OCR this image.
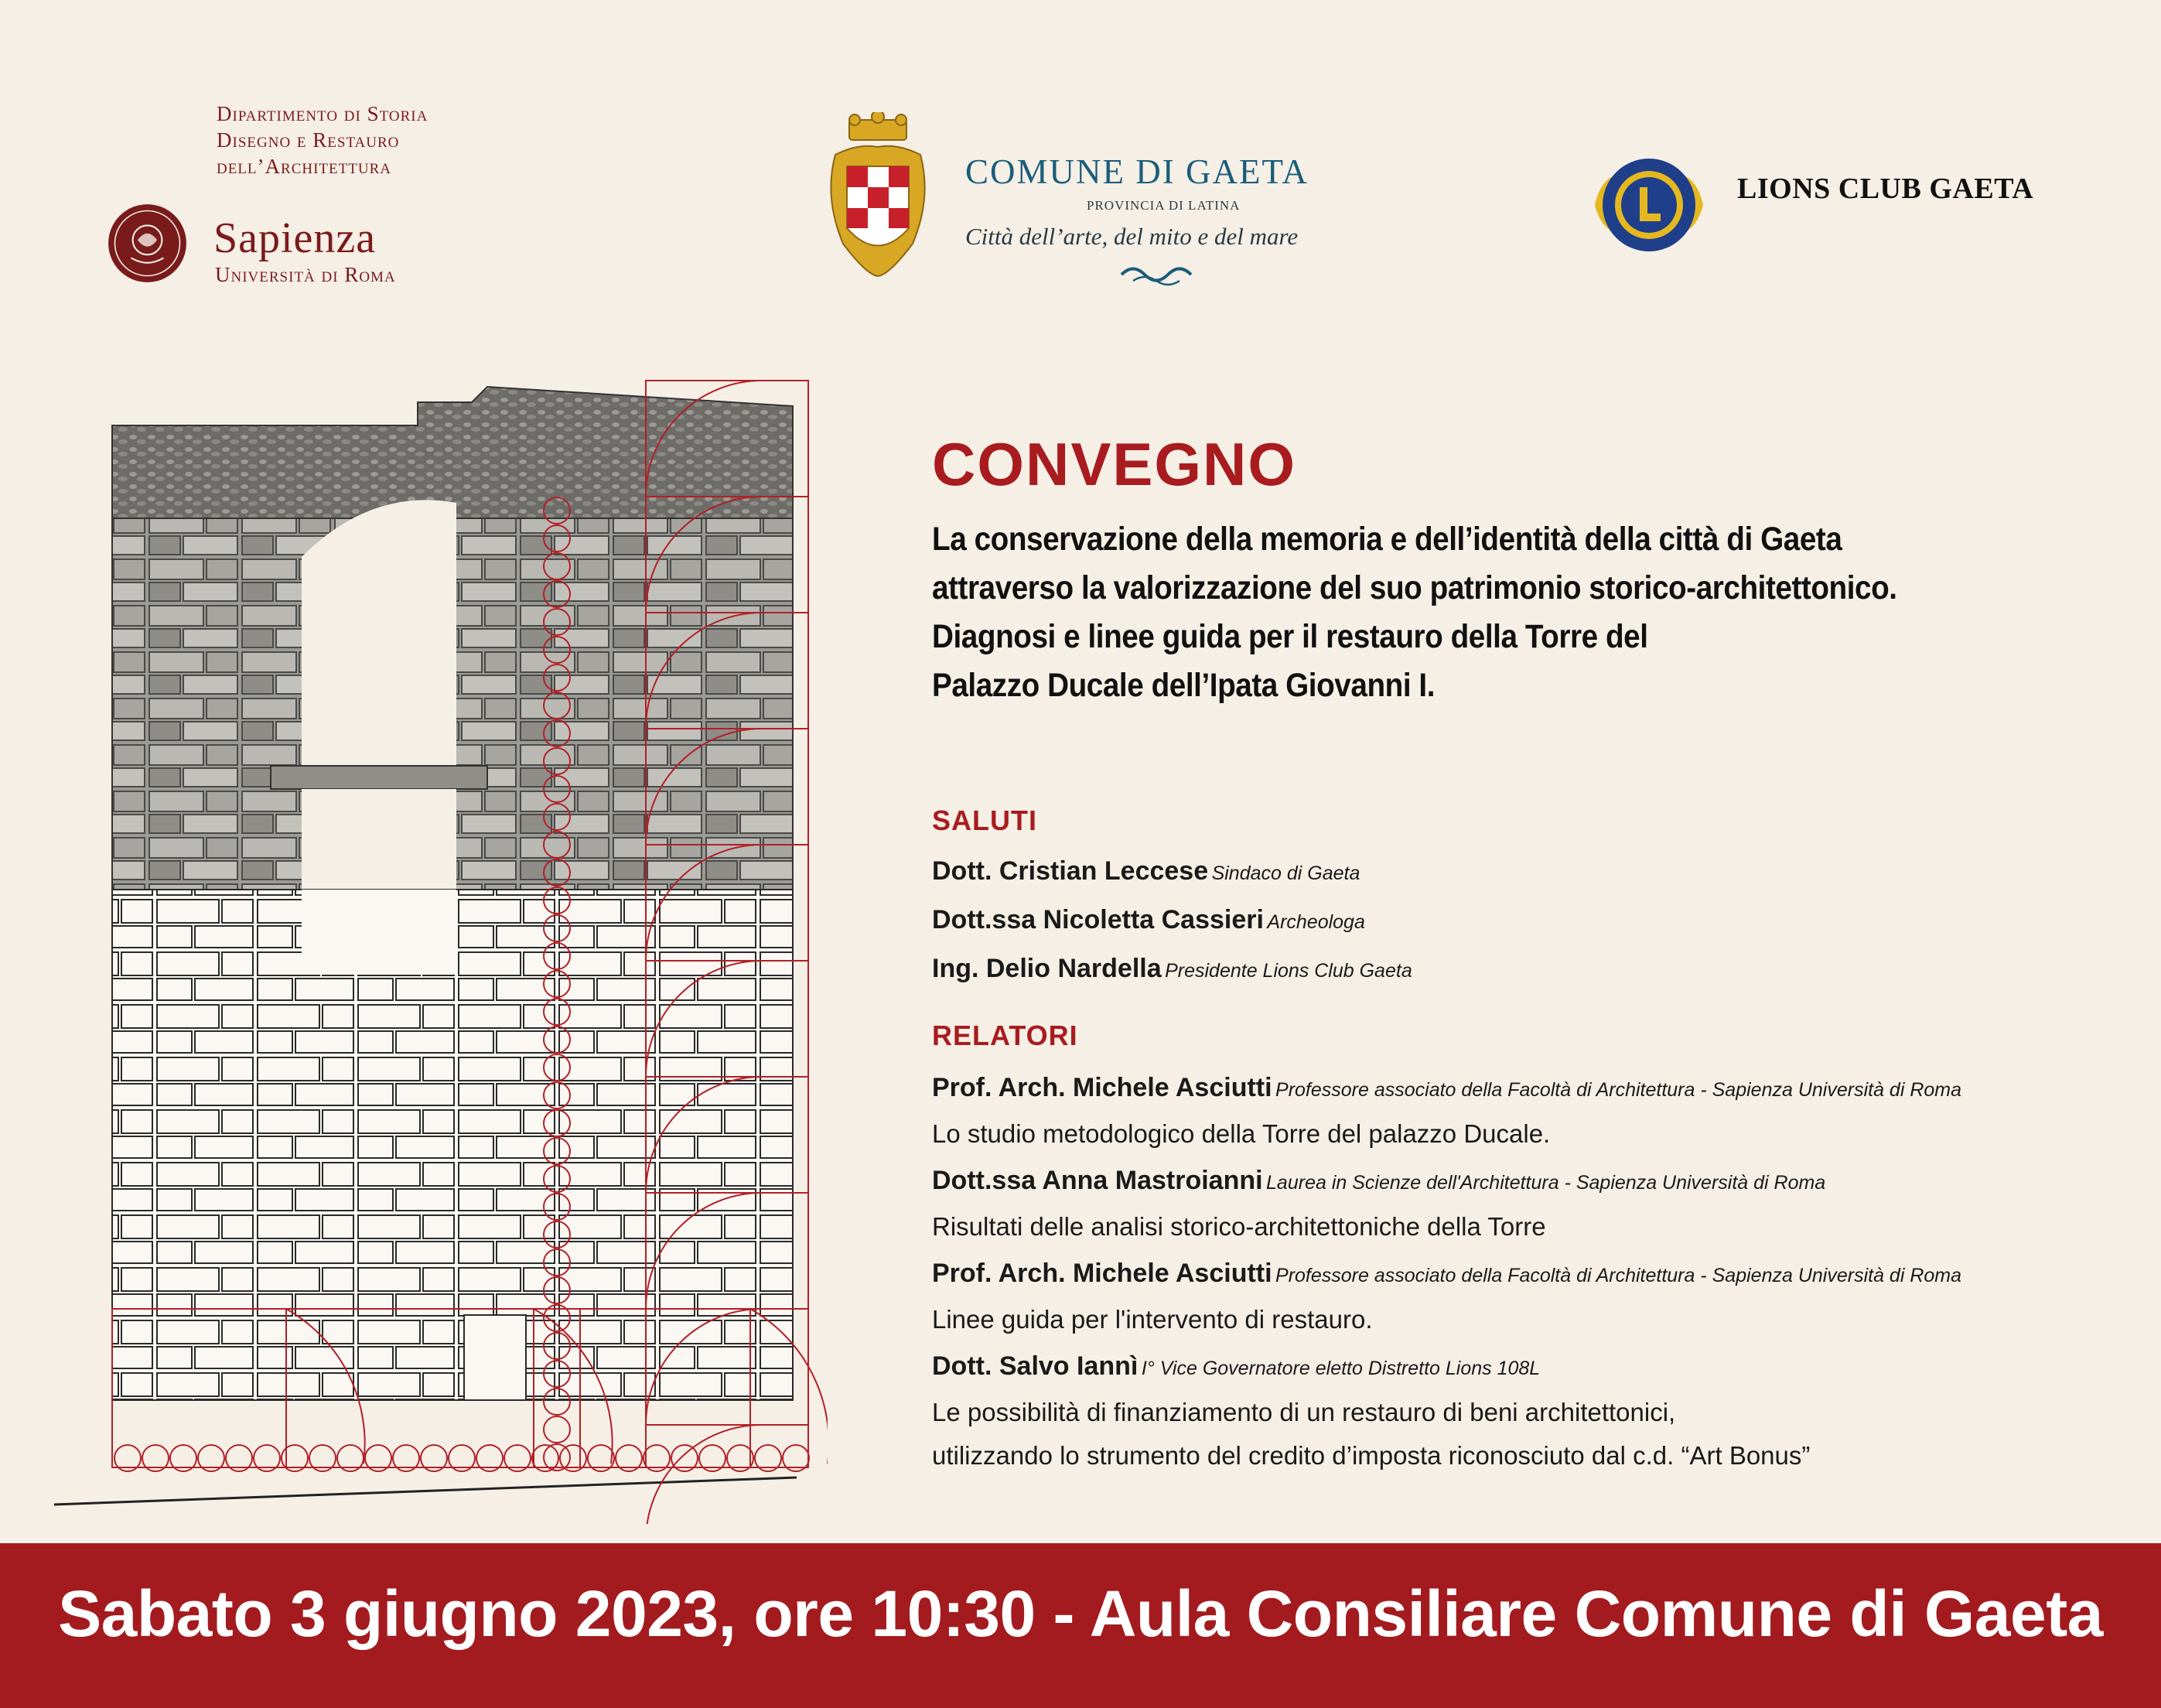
Dipartimento di Storia
Disegno e Restauro
dell’Architettura
Sapienza
Università di Roma
COMUNE DI GAETA
PROVINCIA DI LATINA
Città dell’arte, del mito e del mare
LIONS CLUB GAETA
CONVEGNO
La conservazione della memoria e dell’identità della città di Gaeta
attraverso la valorizzazione del suo patrimonio storico-architettonico.
Diagnosi e linee guida per il restauro della Torre del
Palazzo Ducale dell’Ipata Giovanni I.
SALUTI
Dott. Cristian Leccese Sindaco di Gaeta
Dott.ssa Nicoletta Cassieri Archeologa
Ing. Delio Nardella Presidente Lions Club Gaeta
RELATORI
Prof. Arch. Michele Asciutti Professore associato della Facoltà di Architettura - Sapienza Università di Roma
Lo studio metodologico della Torre del palazzo Ducale.
Dott.ssa Anna Mastroianni Laurea in Scienze dell'Architettura - Sapienza Università di Roma
Risultati delle analisi storico-architettoniche della Torre
Prof. Arch. Michele Asciutti Professore associato della Facoltà di Architettura - Sapienza Università di Roma
Linee guida per l'intervento di restauro.
Dott. Salvo Iannì I° Vice Governatore eletto Distretto Lions 108L
Le possibilità di finanziamento di un restauro di beni architettonici,
utilizzando lo strumento del credito d’imposta riconosciuto dal c.d. “Art Bonus”
Sabato 3 giugno 2023, ore 10:30 - Aula Consiliare Comune di Gaeta
